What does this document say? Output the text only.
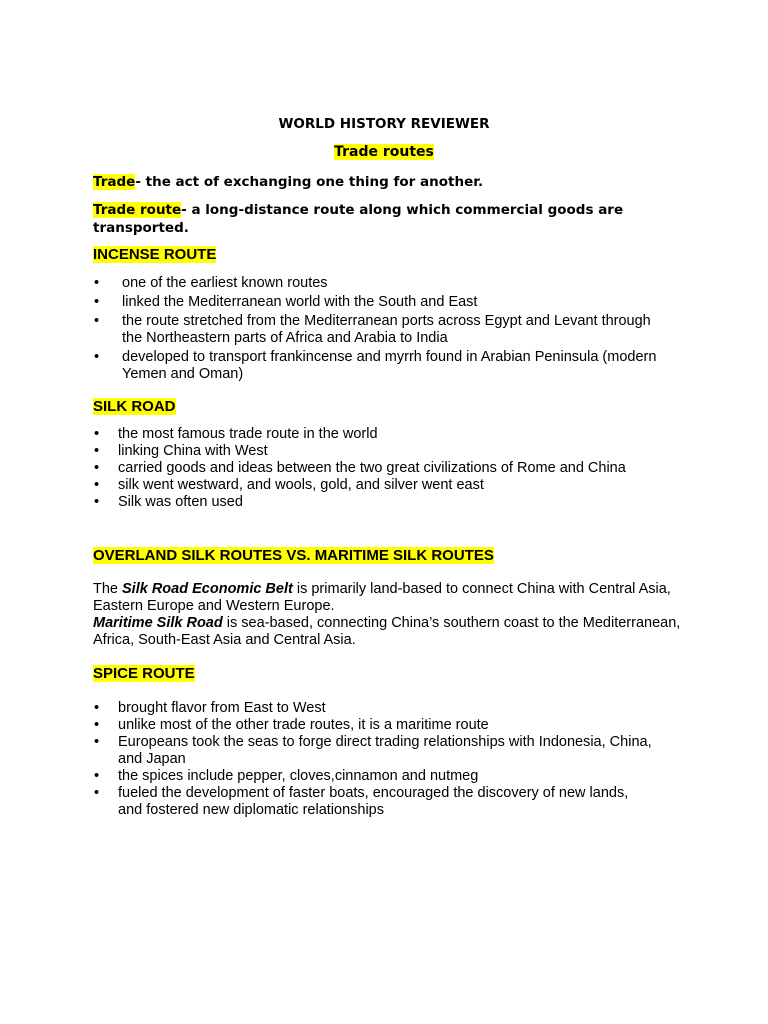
WORLD HISTORY REVIEWER
Trade routes
Trade- the act of exchanging one thing for another.
Trade route- a long-distance route along which commercial goods are transported.
INCENSE ROUTE
• one of the earliest known routes
• linked the Mediterranean world with the South and East
• the route stretched from the Mediterranean ports across Egypt and Levant through the Northeastern parts of Africa and Arabia to India
• developed to transport frankincense and myrrh found in Arabian Peninsula (modern Yemen and Oman)
SILK ROAD
• the most famous trade route in the world
• linking China with West
• carried goods and ideas between the two great civilizations of Rome and China
• silk went westward, and wools, gold, and silver went east
• Silk was often used
OVERLAND SILK ROUTES VS. MARITIME SILK ROUTES

The Silk Road Economic Belt is primarily land-based to connect China with Central Asia, Eastern Europe and Western Europe.

Maritime Silk Road is sea-based, connecting China’s southern coast to the Mediterranean, Africa, South-East Asia and Central Asia.

SPICE ROUTE
• brought flavor from East to West
• unlike most of the other trade routes, it is a maritime route
• Europeans took the seas to forge direct trading relationships with Indonesia, China, and Japan
• the spices include pepper, cloves,cinnamon and nutmeg
• fueled the development of faster boats, encouraged the discovery of new lands, and fostered new diplomatic relationships
